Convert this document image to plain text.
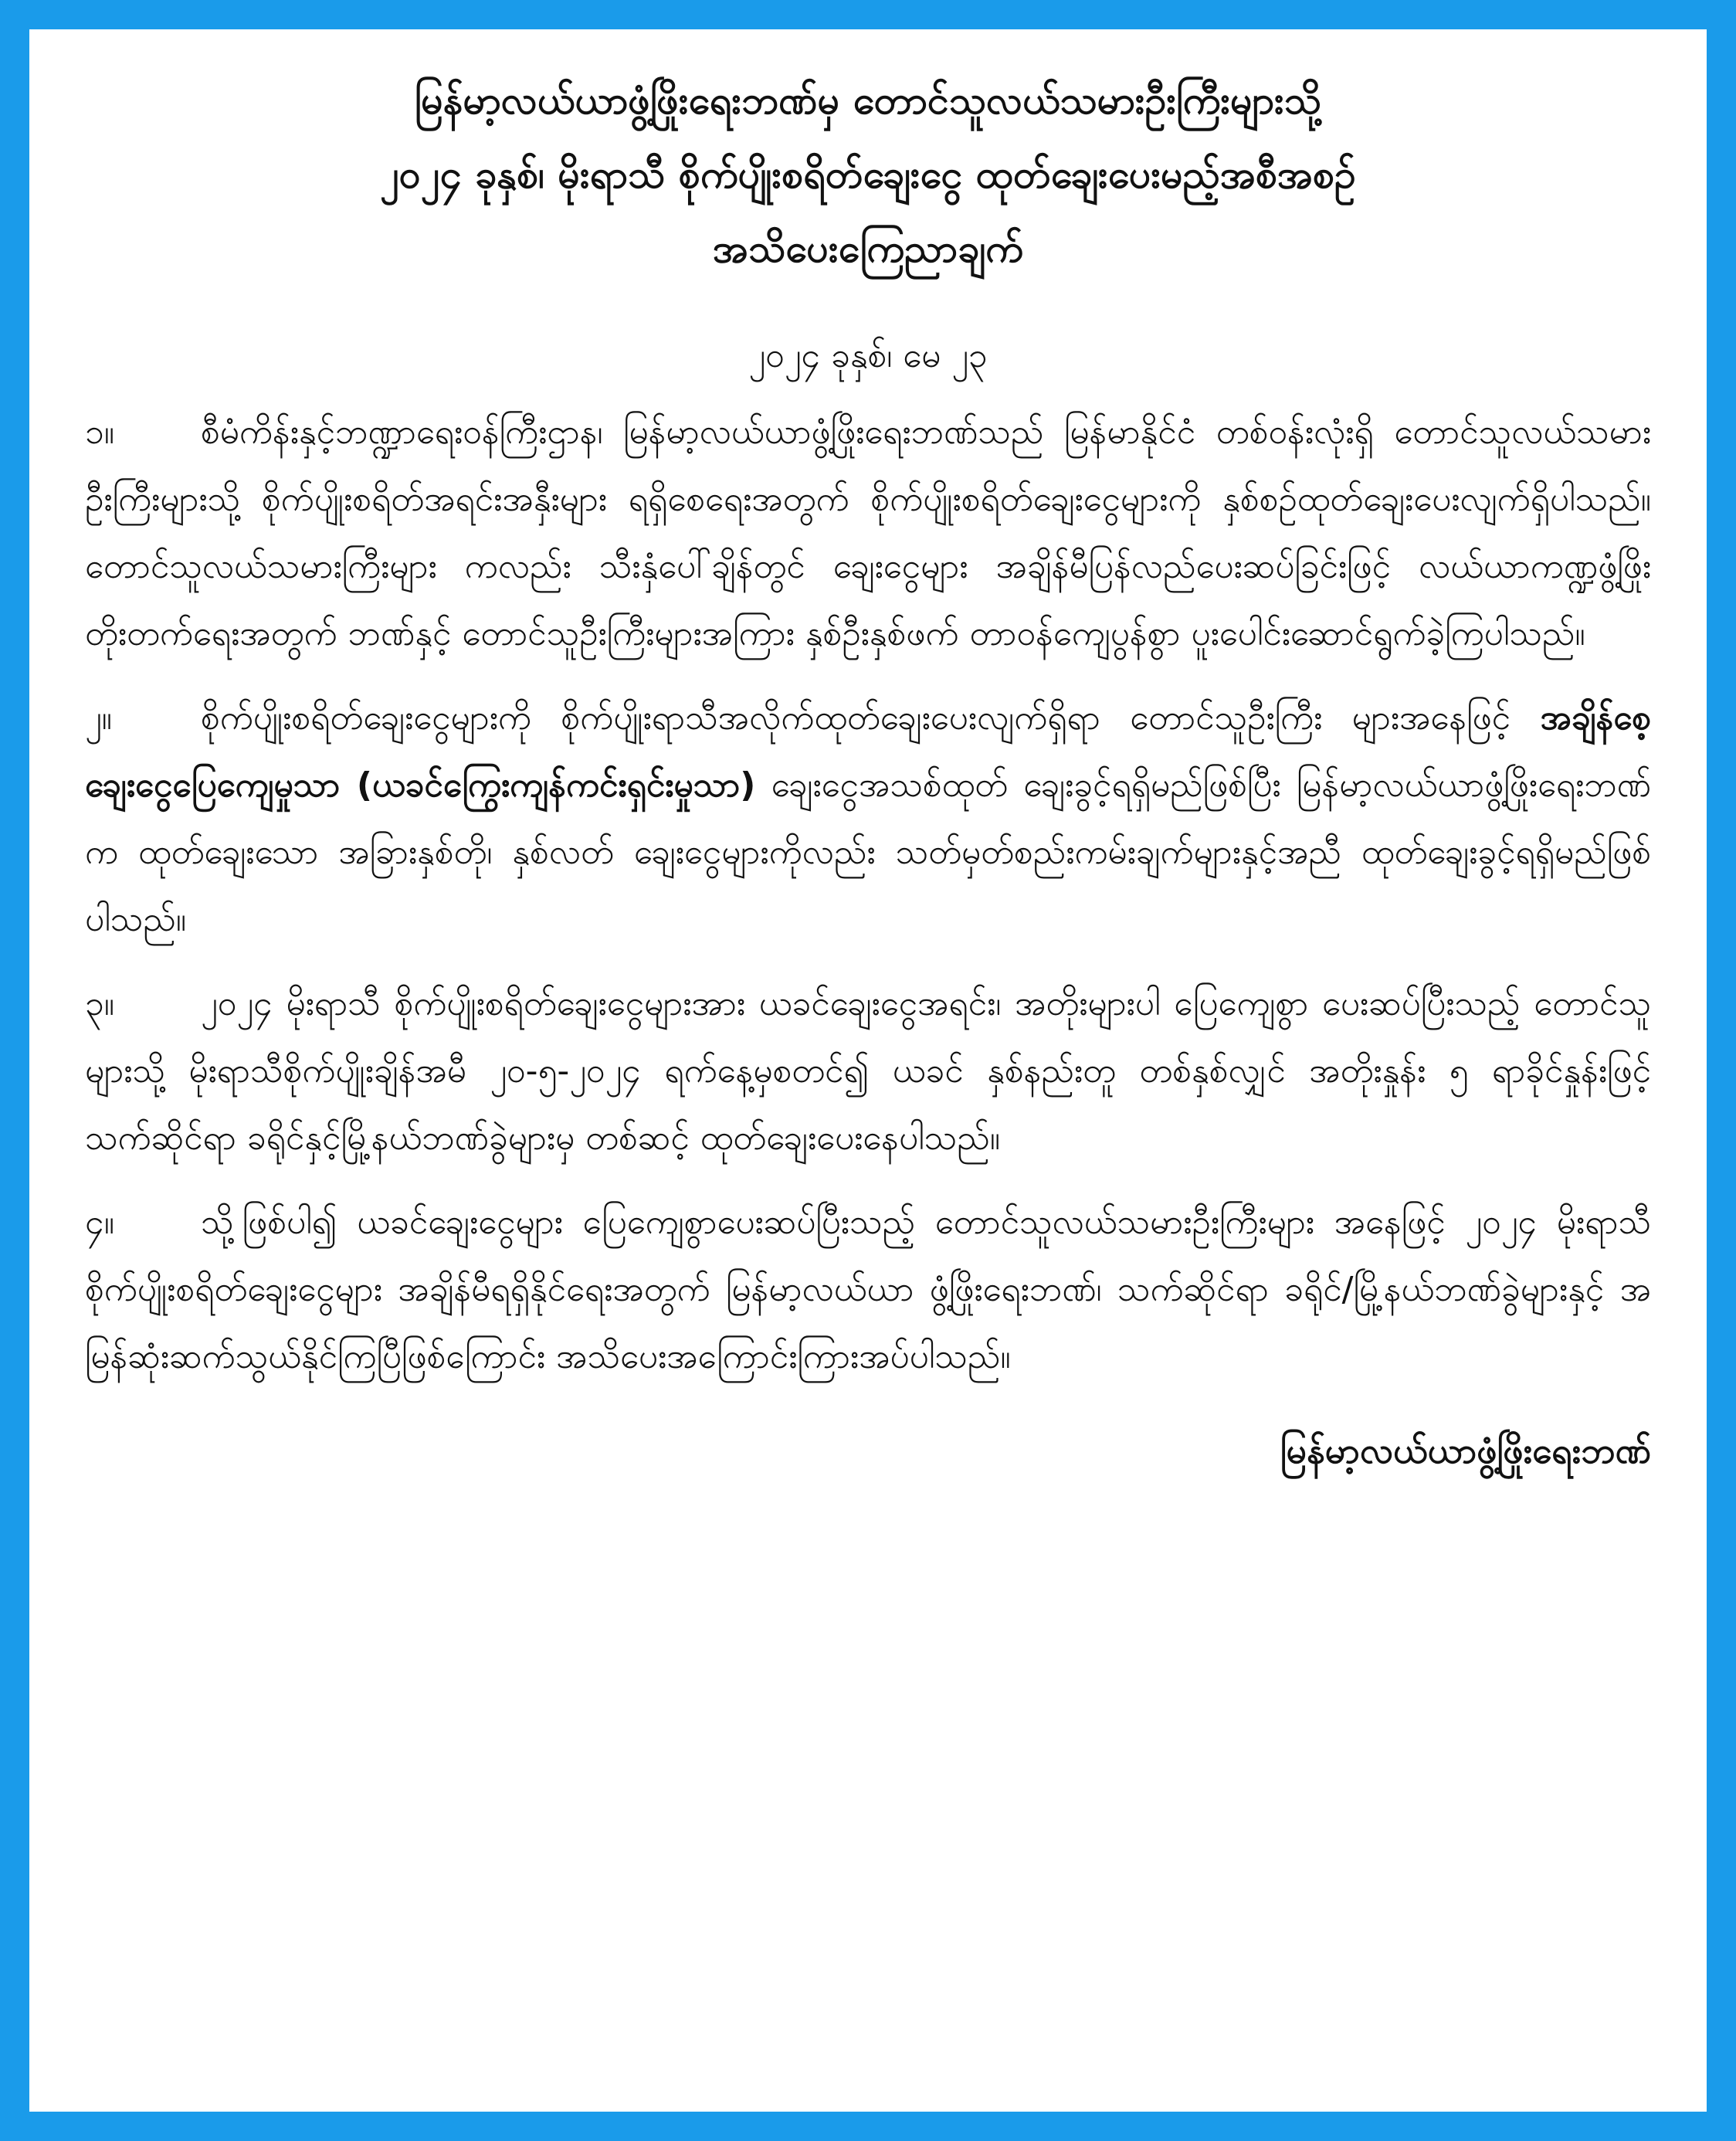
မြန်မာ့လယ်ယာဖွံ့ဖြိုးရေးဘဏ်မှ တောင်သူလယ်သမားဦးကြီးများသို့
၂၀၂၄ ခုနှစ်၊ မိုးရာသီ စိုက်ပျိုးစရိတ်ချေးငွေ ထုတ်ချေးပေးမည့်အစီအစဉ်
အသိပေးကြေညာချက်
၂၀၂၄ ခုနှစ်၊ မေ ၂၃

၁။	စီမံကိန်းနှင့်ဘဏ္ဍာရေးဝန်ကြီးဌာန၊ မြန်မာ့လယ်ယာဖွံ့ဖြိုးရေးဘဏ်သည် မြန်မာနိုင်ငံ တစ်ဝန်းလုံးရှိ တောင်သူလယ်သမားဦးကြီးများသို့ စိုက်ပျိုးစရိတ်အရင်းအနှီးများ ရရှိစေရေးအတွက် စိုက်ပျိုးစရိတ်ချေးငွေများကို နှစ်စဉ်ထုတ်ချေးပေးလျက်ရှိပါသည်။ တောင်သူလယ်သမားကြီးများ ကလည်း သီးနှံပေါ်ချိန်တွင် ချေးငွေများ အချိန်မီပြန်လည်ပေးဆပ်ခြင်းဖြင့် လယ်ယာကဏ္ဍဖွံ့ဖြိုး တိုးတက်ရေးအတွက် ဘဏ်နှင့် တောင်သူဦးကြီးများအကြား နှစ်ဦးနှစ်ဖက် တာဝန်ကျေပွန်စွာ ပူးပေါင်းဆောင်ရွက်ခဲ့ကြပါသည်။

၂။	စိုက်ပျိုးစရိတ်ချေးငွေများကို စိုက်ပျိုးရာသီအလိုက်ထုတ်ချေးပေးလျက်ရှိရာ တောင်သူဦးကြီး များအနေဖြင့် အချိန်စေ့ချေးငွေပြေကျေမှုသာ (ယခင်ကြွေးကျန်ကင်းရှင်းမှုသာ) ချေးငွေအသစ်ထုတ် ချေးခွင့်ရရှိမည်ဖြစ်ပြီး မြန်မာ့လယ်ယာဖွံ့ဖြိုးရေးဘဏ်က ထုတ်ချေးသော အခြားနှစ်တို၊ နှစ်လတ် ချေးငွေများကိုလည်း သတ်မှတ်စည်းကမ်းချက်များနှင့်အညီ ထုတ်ချေးခွင့်ရရှိမည်ဖြစ်ပါသည်။

၃။	၂၀၂၄ မိုးရာသီ စိုက်ပျိုးစရိတ်ချေးငွေများအား ယခင်ချေးငွေအရင်း၊ အတိုးများပါ ပြေကျေစွာ ပေးဆပ်ပြီးသည့် တောင်သူများသို့ မိုးရာသီစိုက်ပျိုးချိန်အမီ ၂၀-၅-၂၀၂၄ ရက်နေ့မှစတင်၍ ယခင် နှစ်နည်းတူ တစ်နှစ်လျှင် အတိုးနှုန်း ၅ ရာခိုင်နှုန်းဖြင့် သက်ဆိုင်ရာ ခရိုင်နှင့်မြို့နယ်ဘဏ်ခွဲများမှ တစ်ဆင့် ထုတ်ချေးပေးနေပါသည်။

၄။	သို့ဖြစ်ပါ၍ ယခင်ချေးငွေများ ပြေကျေစွာပေးဆပ်ပြီးသည့် တောင်သူလယ်သမားဦးကြီးများ အနေဖြင့် ၂၀၂၄ မိုးရာသီ စိုက်ပျိုးစရိတ်ချေးငွေများ အချိန်မီရရှိနိုင်ရေးအတွက် မြန်မာ့လယ်ယာ ဖွံ့ဖြိုးရေးဘဏ်၊ သက်ဆိုင်ရာ ခရိုင်/မြို့နယ်ဘဏ်ခွဲများနှင့် အမြန်ဆုံးဆက်သွယ်နိုင်ကြပြီဖြစ်ကြောင်း အသိပေးအကြောင်းကြားအပ်ပါသည်။

မြန်မာ့လယ်ယာဖွံ့ဖြိုးရေးဘဏ်
